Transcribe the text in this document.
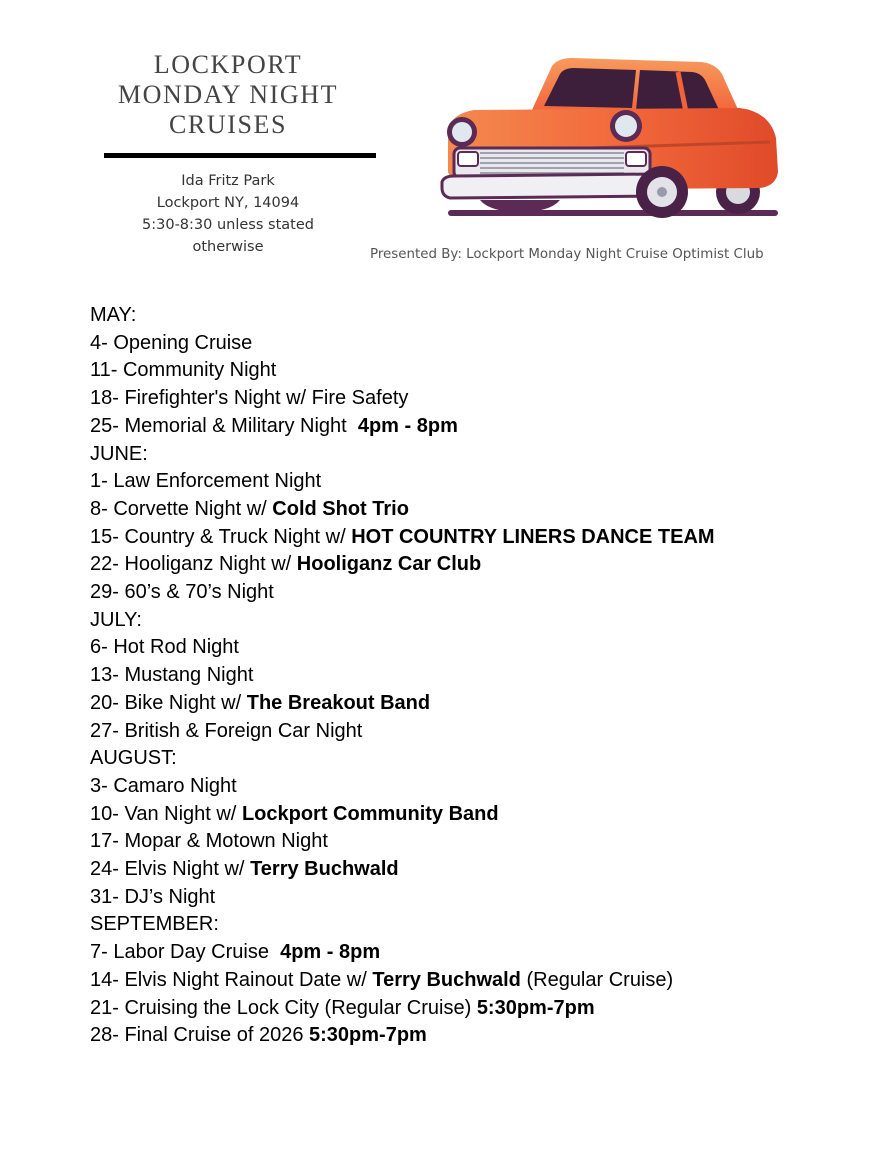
LOCKPORT
MONDAY NIGHT
CRUISES
Ida Fritz Park
Lockport NY, 14094
5:30-8:30 unless stated
otherwise	Presented By: Lockport Monday Night Cruise Optimist Club
MAY:
4- Opening Cruise
11- Community Night
18- Firefighter's Night w/ Fire Safety
25- Memorial & Military Night  4pm - 8pm
JUNE:
1- Law Enforcement Night
8- Corvette Night w/ Cold Shot Trio
15- Country & Truck Night w/ HOT COUNTRY LINERS DANCE TEAM
22- Hooliganz Night w/ Hooliganz Car Club
29- 60’s & 70’s Night
JULY:
6- Hot Rod Night
13- Mustang Night
20- Bike Night w/ The Breakout Band
27- British & Foreign Car Night
AUGUST:
3- Camaro Night
10- Van Night w/ Lockport Community Band
17- Mopar & Motown Night
24- Elvis Night w/ Terry Buchwald
31- DJ’s Night
SEPTEMBER:
7- Labor Day Cruise  4pm - 8pm
14- Elvis Night Rainout Date w/ Terry Buchwald (Regular Cruise)
21- Cruising the Lock City (Regular Cruise) 5:30pm-7pm
28- Final Cruise of 2026 5:30pm-7pm
